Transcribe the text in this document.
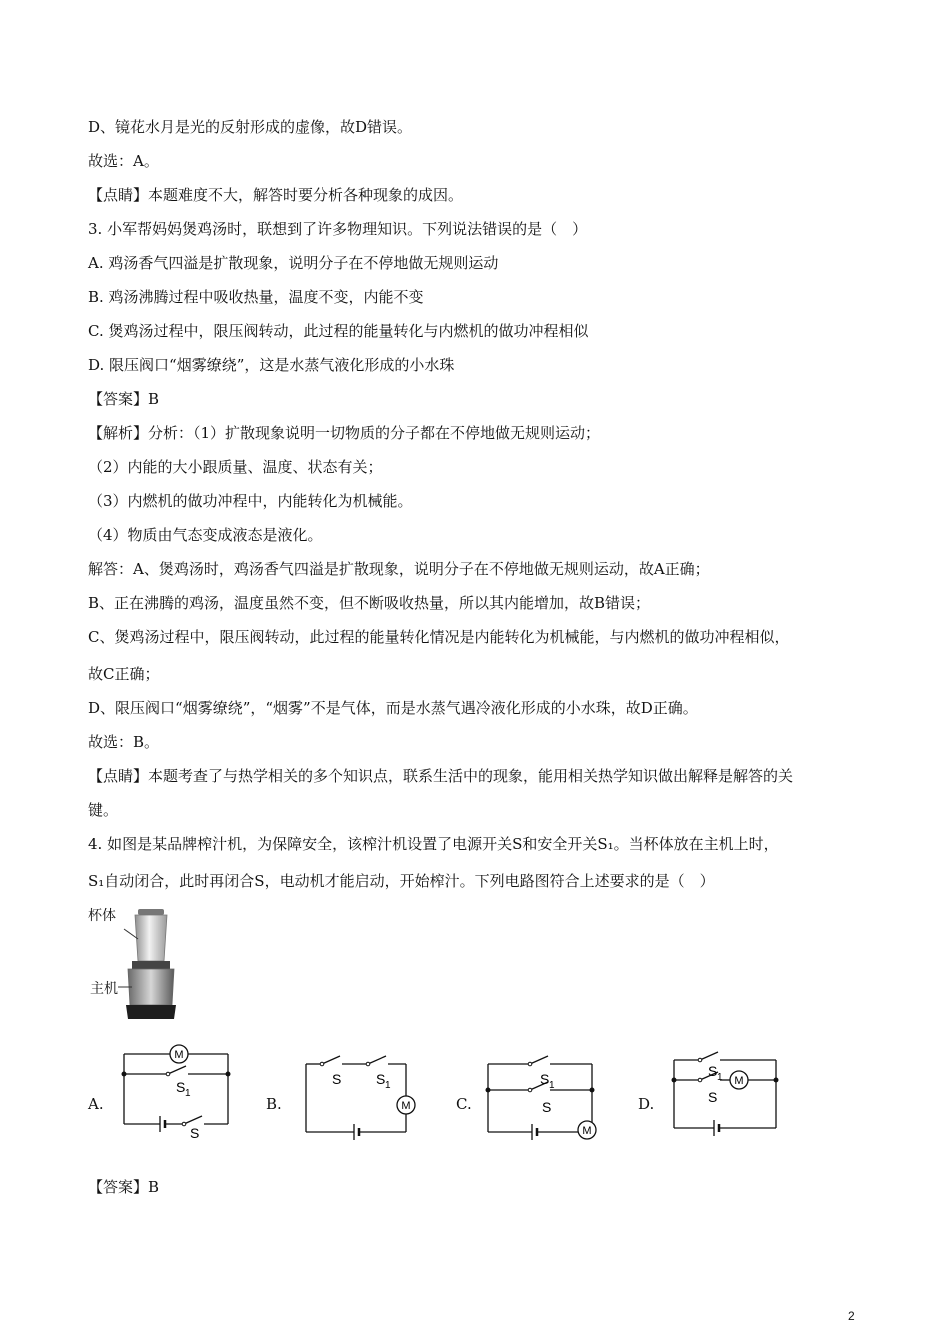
D、镜花水月是光的反射形成的虚像，故D错误。
故选：A。
【点睛】本题难度不大，解答时要分析各种现象的成因。
3. 小军帮妈妈煲鸡汤时，联想到了许多物理知识。下列说法错误的是（　）
A. 鸡汤香气四溢是扩散现象，说明分子在不停地做无规则运动
B. 鸡汤沸腾过程中吸收热量，温度不变，内能不变
C. 煲鸡汤过程中，限压阀转动，此过程的能量转化与内燃机的做功冲程相似
D. 限压阀口“烟雾缭绕”，这是水蒸气液化形成的小水珠
【答案】B
【解析】分析：（1）扩散现象说明一切物质的分子都在不停地做无规则运动；
（2）内能的大小跟质量、温度、状态有关；
（3）内燃机的做功冲程中，内能转化为机械能。
（4）物质由气态变成液态是液化。
解答：A、煲鸡汤时，鸡汤香气四溢是扩散现象，说明分子在不停地做无规则运动，故A正确；
B、正在沸腾的鸡汤，温度虽然不变，但不断吸收热量，所以其内能增加，故B错误；
C、煲鸡汤过程中，限压阀转动，此过程的能量转化情况是内能转化为机械能，与内燃机的做功冲程相似，
故C正确；
D、限压阀口“烟雾缭绕”，“烟雾”不是气体，而是水蒸气遇冷液化形成的小水珠，故D正确。
故选：B。
【点睛】本题考查了与热学相关的多个知识点，联系生活中的现象，能用相关热学知识做出解释是解答的关
键。
4. 如图是某品牌榨汁机，为保障安全，该榨汁机设置了电源开关S和安全开关S₁。当杯体放在主机上时，
S₁自动闭合，此时再闭合S，电动机才能启动，开始榨汁。下列电路图符合上述要求的是（　）
杯体
主机
A.	B.	C.	D.
M
S 1
S
M
S S 1
M
S 1
S
M
S 1
S
【答案】B
2
